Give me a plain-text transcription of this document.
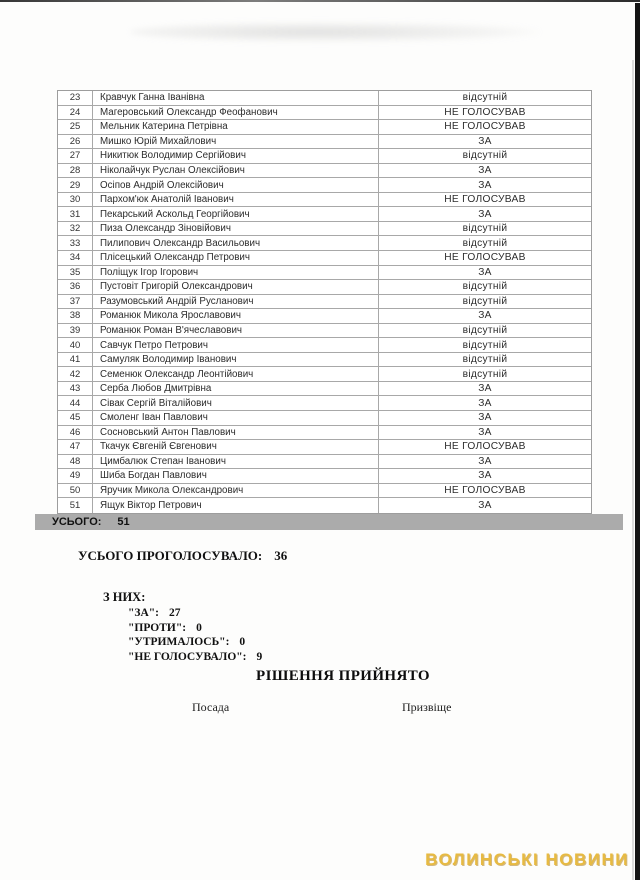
23	Кравчук Ганна Іванівна	відсутній
24	Магеровський Олександр Феофанович	НЕ ГОЛОСУВАВ
25	Мельник Катерина Петрівна	НЕ ГОЛОСУВАВ
26	Мишко Юрій Михайлович	ЗА
27	Никитюк Володимир Сергійович	відсутній
28	Ніколайчук Руслан Олексійович	ЗА
29	Осіпов Андрій Олексійович	ЗА
30	Пархом'юк Анатолій Іванович	НЕ ГОЛОСУВАВ
31	Пекарський Аскольд Георгійович	ЗА
32	Пиза Олександр Зіновійович	відсутній
33	Пилипович Олександр Васильович	відсутній
34	Плісецький Олександр Петрович	НЕ ГОЛОСУВАВ
35	Поліщук Ігор Ігорович	ЗА
36	Пустовіт Григорій Олександрович	відсутній
37	Разумовський Андрій Русланович	відсутній
38	Романюк Микола Ярославович	ЗА
39	Романюк Роман В'ячеславович	відсутній
40	Савчук Петро Петрович	відсутній
41	Самуляк Володимир Іванович	відсутній
42	Семенюк Олександр Леонтійович	відсутній
43	Серба Любов Дмитрівна	ЗА
44	Сівак Сергій Віталійович	ЗА
45	Смоленг Іван Павлович	ЗА
46	Сосновський Антон Павлович	ЗА
47	Ткачук Євгеній Євгенович	НЕ ГОЛОСУВАВ
48	Цимбалюк Степан Іванович	ЗА
49	Шиба Богдан Павлович	ЗА
50	Яручик Микола Олександрович	НЕ ГОЛОСУВАВ
51	Ящук Віктор Петрович	ЗА
УСЬОГО: 51
УСЬОГО ПРОГОЛОСУВАЛО: 36
З НИХ:
"ЗА": 27
"ПРОТИ": 0
"УТРИМАЛОСЬ": 0
"НЕ ГОЛОСУВАЛО": 9
РІШЕННЯ ПРИЙНЯТО
Посада	Призвіще
ВОЛИНСЬКІ НОВИНИ
